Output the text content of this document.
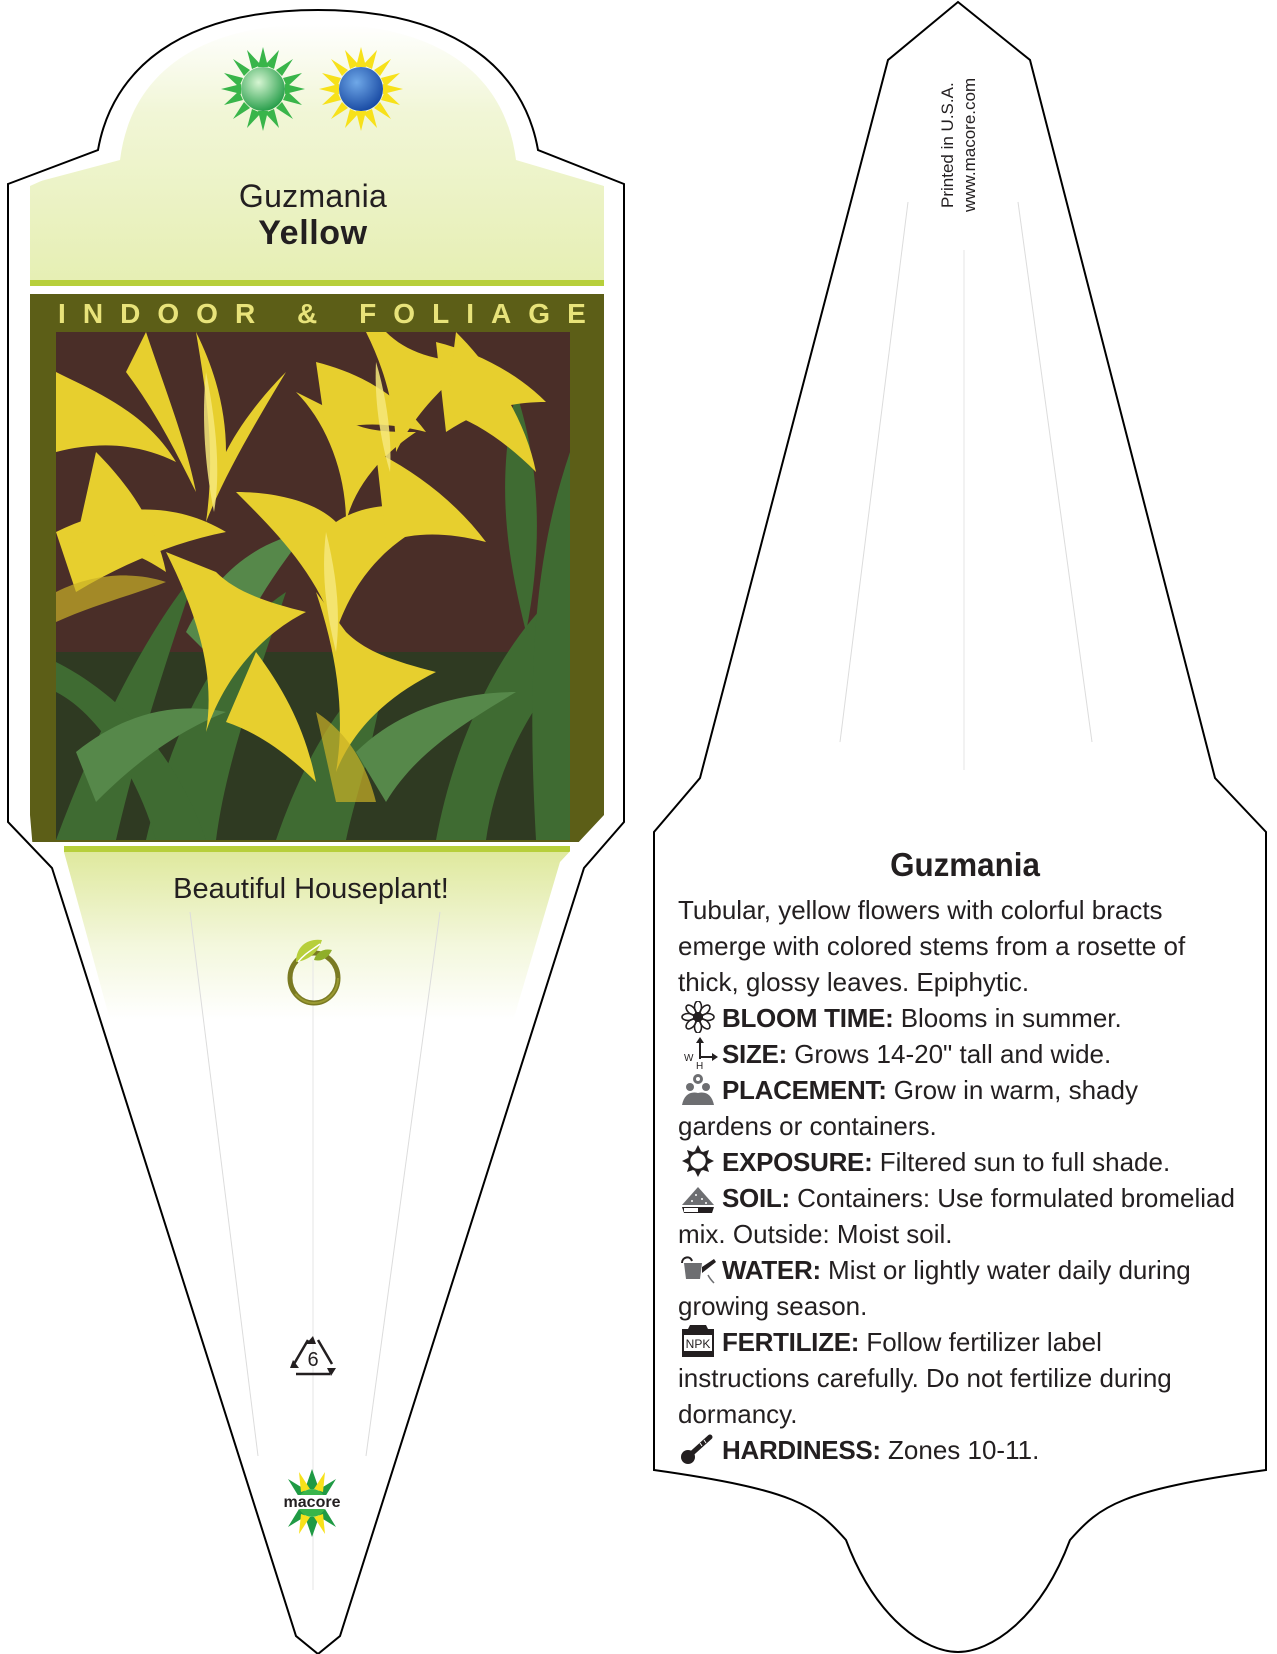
Guzmania
Yellow
I N D O O R
&
F O L I A G E
Beautiful Houseplant!
6
macore
Printed in U.S.A. www.macore.com
Guzmania

Tubular, yellow flowers with colorful bracts emerge with colored stems from a rosette of thick, glossy leaves. Epiphytic.

BLOOM TIME: Blooms in summer.
W
H SIZE: Grows 14-20" tall and wide.
PLACEMENT: Grow in warm, shady gardens or containers.
EXPOSURE: Filtered sun to full shade.
SOIL: Containers: Use formulated bromeliad mix. Outside: Moist soil.
WATER: Mist or lightly water daily during growing season.
NPK FERTILIZE: Follow fertilizer label instructions carefully. Do not fertilize during dormancy.
HARDINESS: Zones 10-11.
